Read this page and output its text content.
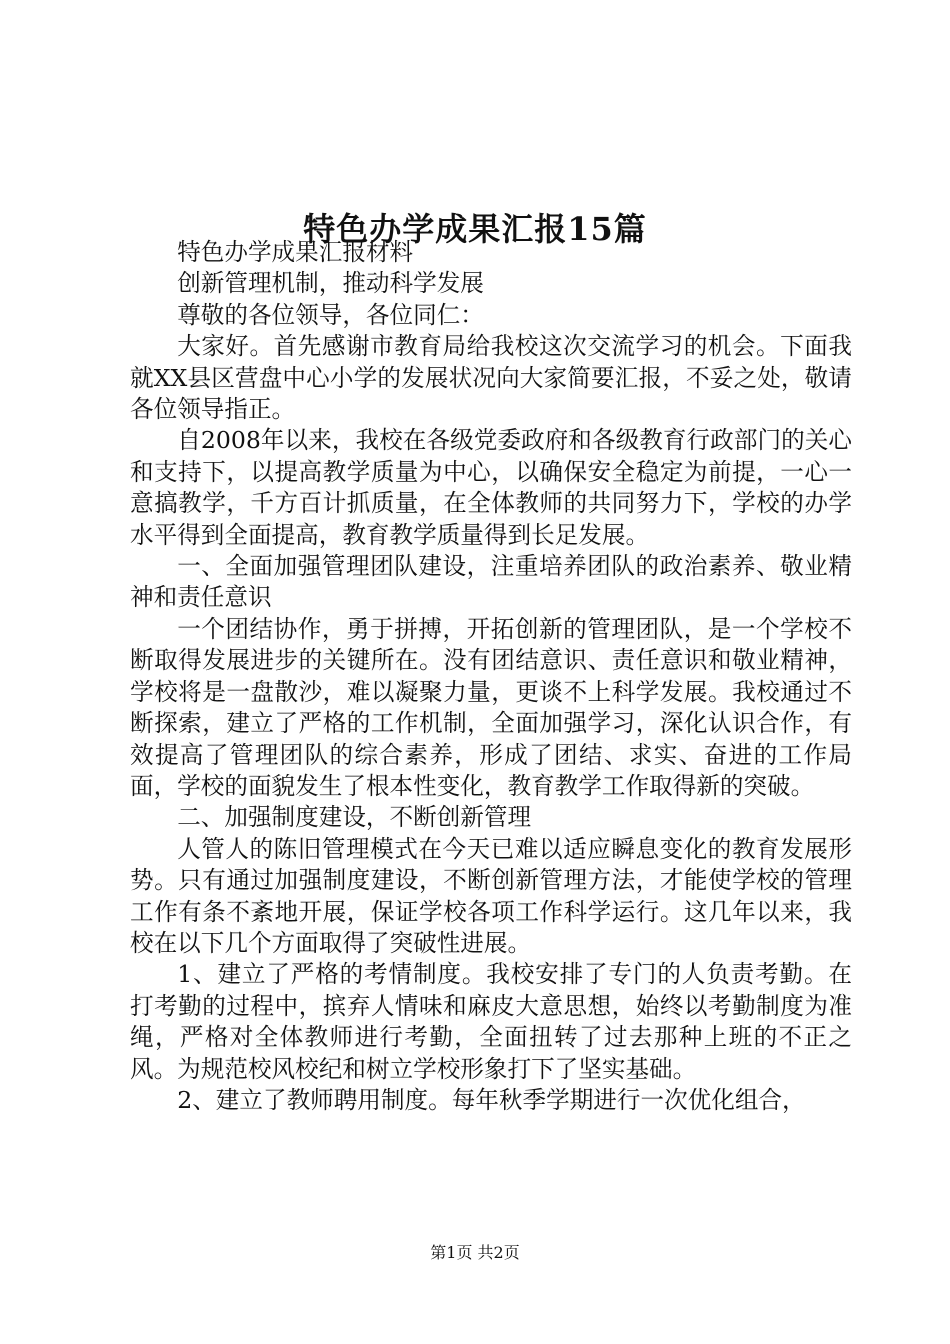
特色办学成果汇报15篇

特色办学成果汇报材料

创新管理机制，推动科学发展

尊敬的各位领导，各位同仁：

大家好。首先感谢市教育局给我校这次交流学习的机会。下面我就XX县区营盘中心小学的发展状况向大家简要汇报，不妥之处，敬请各位领导指正。

自2008年以来，我校在各级党委政府和各级教育行政部门的关心和支持下，以提高教学质量为中心，以确保安全稳定为前提，一心一意搞教学，千方百计抓质量，在全体教师的共同努力下，学校的办学水平得到全面提高，教育教学质量得到长足发展。

一、全面加强管理团队建设，注重培养团队的政治素养、敬业精神和责任意识

一个团结协作，勇于拼搏，开拓创新的管理团队，是一个学校不断取得发展进步的关键所在。没有团结意识、责任意识和敬业精神，学校将是一盘散沙，难以凝聚力量，更谈不上科学发展。我校通过不断探索，建立了严格的工作机制，全面加强学习，深化认识合作，有效提高了管理团队的综合素养，形成了团结、求实、奋进的工作局面，学校的面貌发生了根本性变化，教育教学工作取得新的突破。

二、加强制度建设，不断创新管理

人管人的陈旧管理模式在今天已难以适应瞬息变化的教育发展形势。只有通过加强制度建设，不断创新管理方法，才能使学校的管理工作有条不紊地开展，保证学校各项工作科学运行。这几年以来，我校在以下几个方面取得了突破性进展。

1、建立了严格的考情制度。我校安排了专门的人负责考勤。在打考勤的过程中，摈弃人情味和麻皮大意思想，始终以考勤制度为准绳，严格对全体教师进行考勤，全面扭转了过去那种上班的不正之风。为规范校风校纪和树立学校形象打下了坚实基础。

2、建立了教师聘用制度。每年秋季学期进行一次优化组合，

第1页 共2页
